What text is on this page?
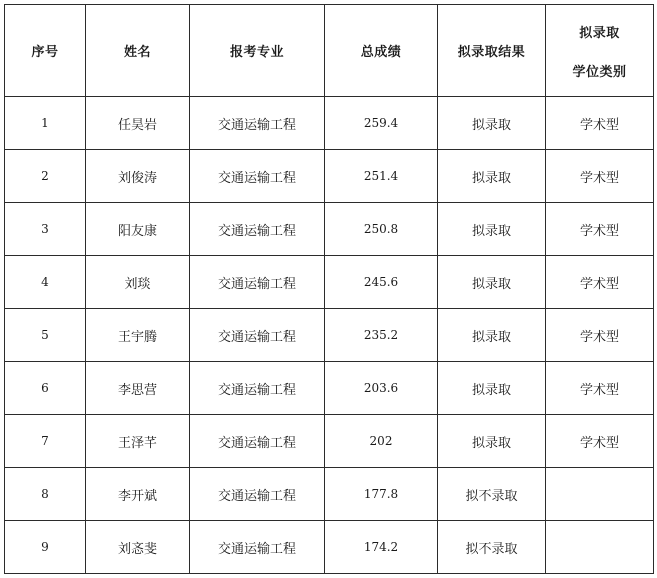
序号	姓名	报考专业	总成绩	拟录取结果	拟录取
学位类别
1	任昊岩	交通运输工程	259.4	拟录取	学术型
2	刘俊涛	交通运输工程	251.4	拟录取	学术型
3	阳友康	交通运输工程	250.8	拟录取	学术型
4	刘琰	交通运输工程	245.6	拟录取	学术型
5	王宇腾	交通运输工程	235.2	拟录取	学术型
6	李思营	交通运输工程	203.6	拟录取	学术型
7	王泽芊	交通运输工程	202	拟录取	学术型
8	李开斌	交通运输工程	177.8	拟不录取	
9	刘忞斐	交通运输工程	174.2	拟不录取	
